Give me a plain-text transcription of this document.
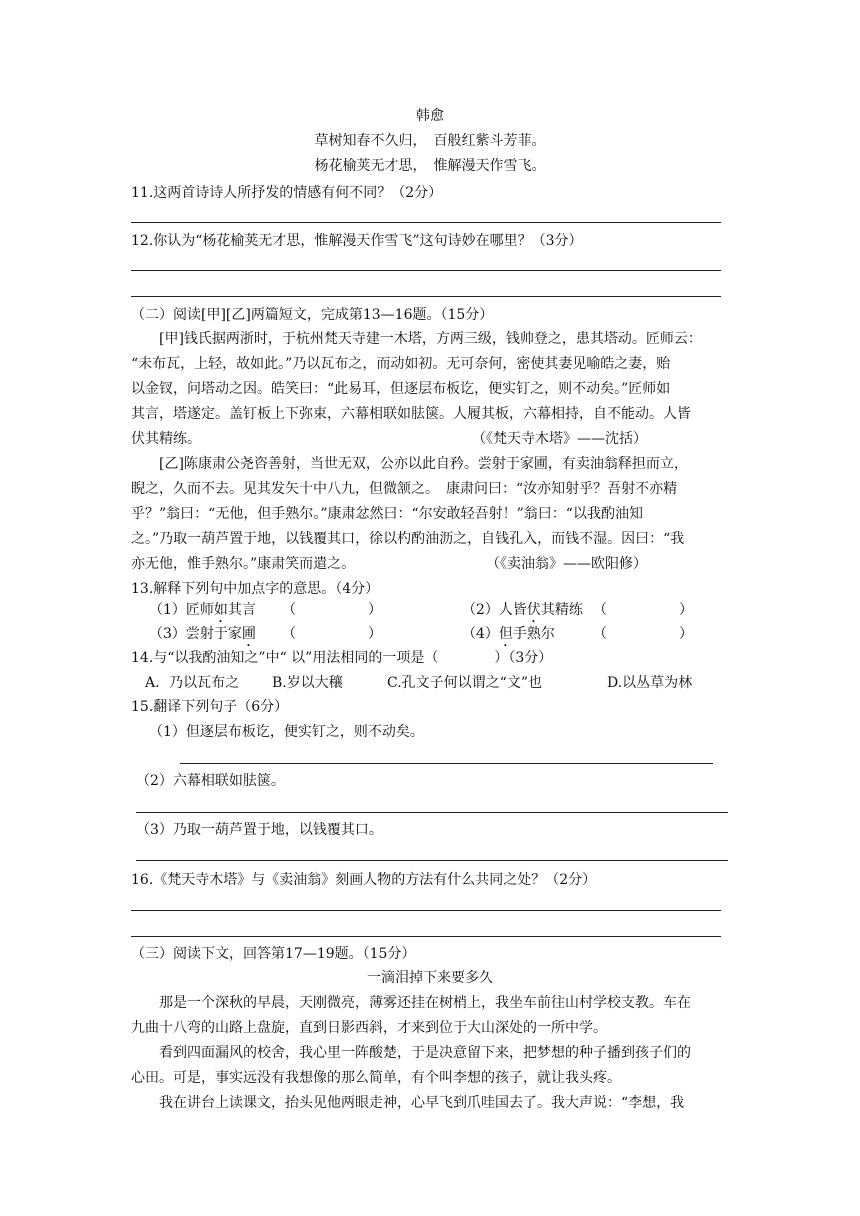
韩愈
草树知春不久归，　百般红紫斗芳菲。
杨花榆荚无才思，　惟解漫天作雪飞。
11.这两首诗诗人所抒发的情感有何不同？（2分）
12.你认为“杨花榆荚无才思，惟解漫天作雪飞”这句诗妙在哪里？（3分）
（二）阅读[甲][乙]两篇短文，完成第13—16题。（15分）
[甲]钱氏据两浙时，于杭州梵天寺建一木塔，方两三级，钱帅登之，患其塔动。匠师云：
“未布瓦，上轻，故如此。”乃以瓦布之，而动如初。无可奈何，密使其妻见喻皓之妻，贻
以金钗，问塔动之因。皓笑曰：“此易耳，但逐层布板讫，便实钉之，则不动矣。”匠师如
其言，塔遂定。盖钉板上下弥束，六幕相联如胠箧。人履其板，六幕相持，自不能动。人皆
伏其精练。	（《梵天寺木塔》——沈括）
[乙]陈康肃公尧咨善射，当世无双，公亦以此自矜。尝射于家圃，有卖油翁释担而立，
睨之，久而不去。见其发矢十中八九，但微颔之。　康肃问曰：“汝亦知射乎？吾射不亦精
乎？”翁曰：“无他，但手熟尔。”康肃忿然曰：“尔安敢轻吾射！”翁曰：“以我酌油知
之。”乃取一葫芦置于地，以钱覆其口，徐以杓酌油沥之，自钱孔入，而钱不湿。因曰：“我
亦无他，惟手熟尔。”康肃笑而遣之。	（《卖油翁》——欧阳修）
13.解释下列句中加点字的意思。（4分）
（1）匠师如其言 （	）	（2）人皆伏其精练 （	）
（3）尝射于家圃 （	）	（4）但手熟尔	（	）
14.与“以我酌油知之”中“ 以”用法相同的一项是（　　　　）（3分）
A．乃以瓦布之 B.岁以大穰	C.孔文子何以谓之“文”也	D.以丛草为林
15.翻译下列句子（6分）
（1）但逐层布板讫，便实钉之，则不动矣。
（2）六幕相联如胠箧。
（3）乃取一葫芦置于地，以钱覆其口。
16.《梵天寺木塔》与《卖油翁》刻画人物的方法有什么共同之处？（2分）
（三）阅读下文，回答第17—19题。（15分）
一滴泪掉下来要多久
那是一个深秋的早晨，天刚微亮，薄雾还挂在树梢上，我坐车前往山村学校支教。车在
九曲十八弯的山路上盘旋，直到日影西斜，才来到位于大山深处的一所中学。
看到四面漏风的校舍，我心里一阵酸楚，于是决意留下来，把梦想的种子播到孩子们的
心田。可是，事实远没有我想像的那么简单，有个叫李想的孩子，就让我头疼。
我在讲台上读课文，抬头见他两眼走神，心早飞到爪哇国去了。我大声说：“李想，我
